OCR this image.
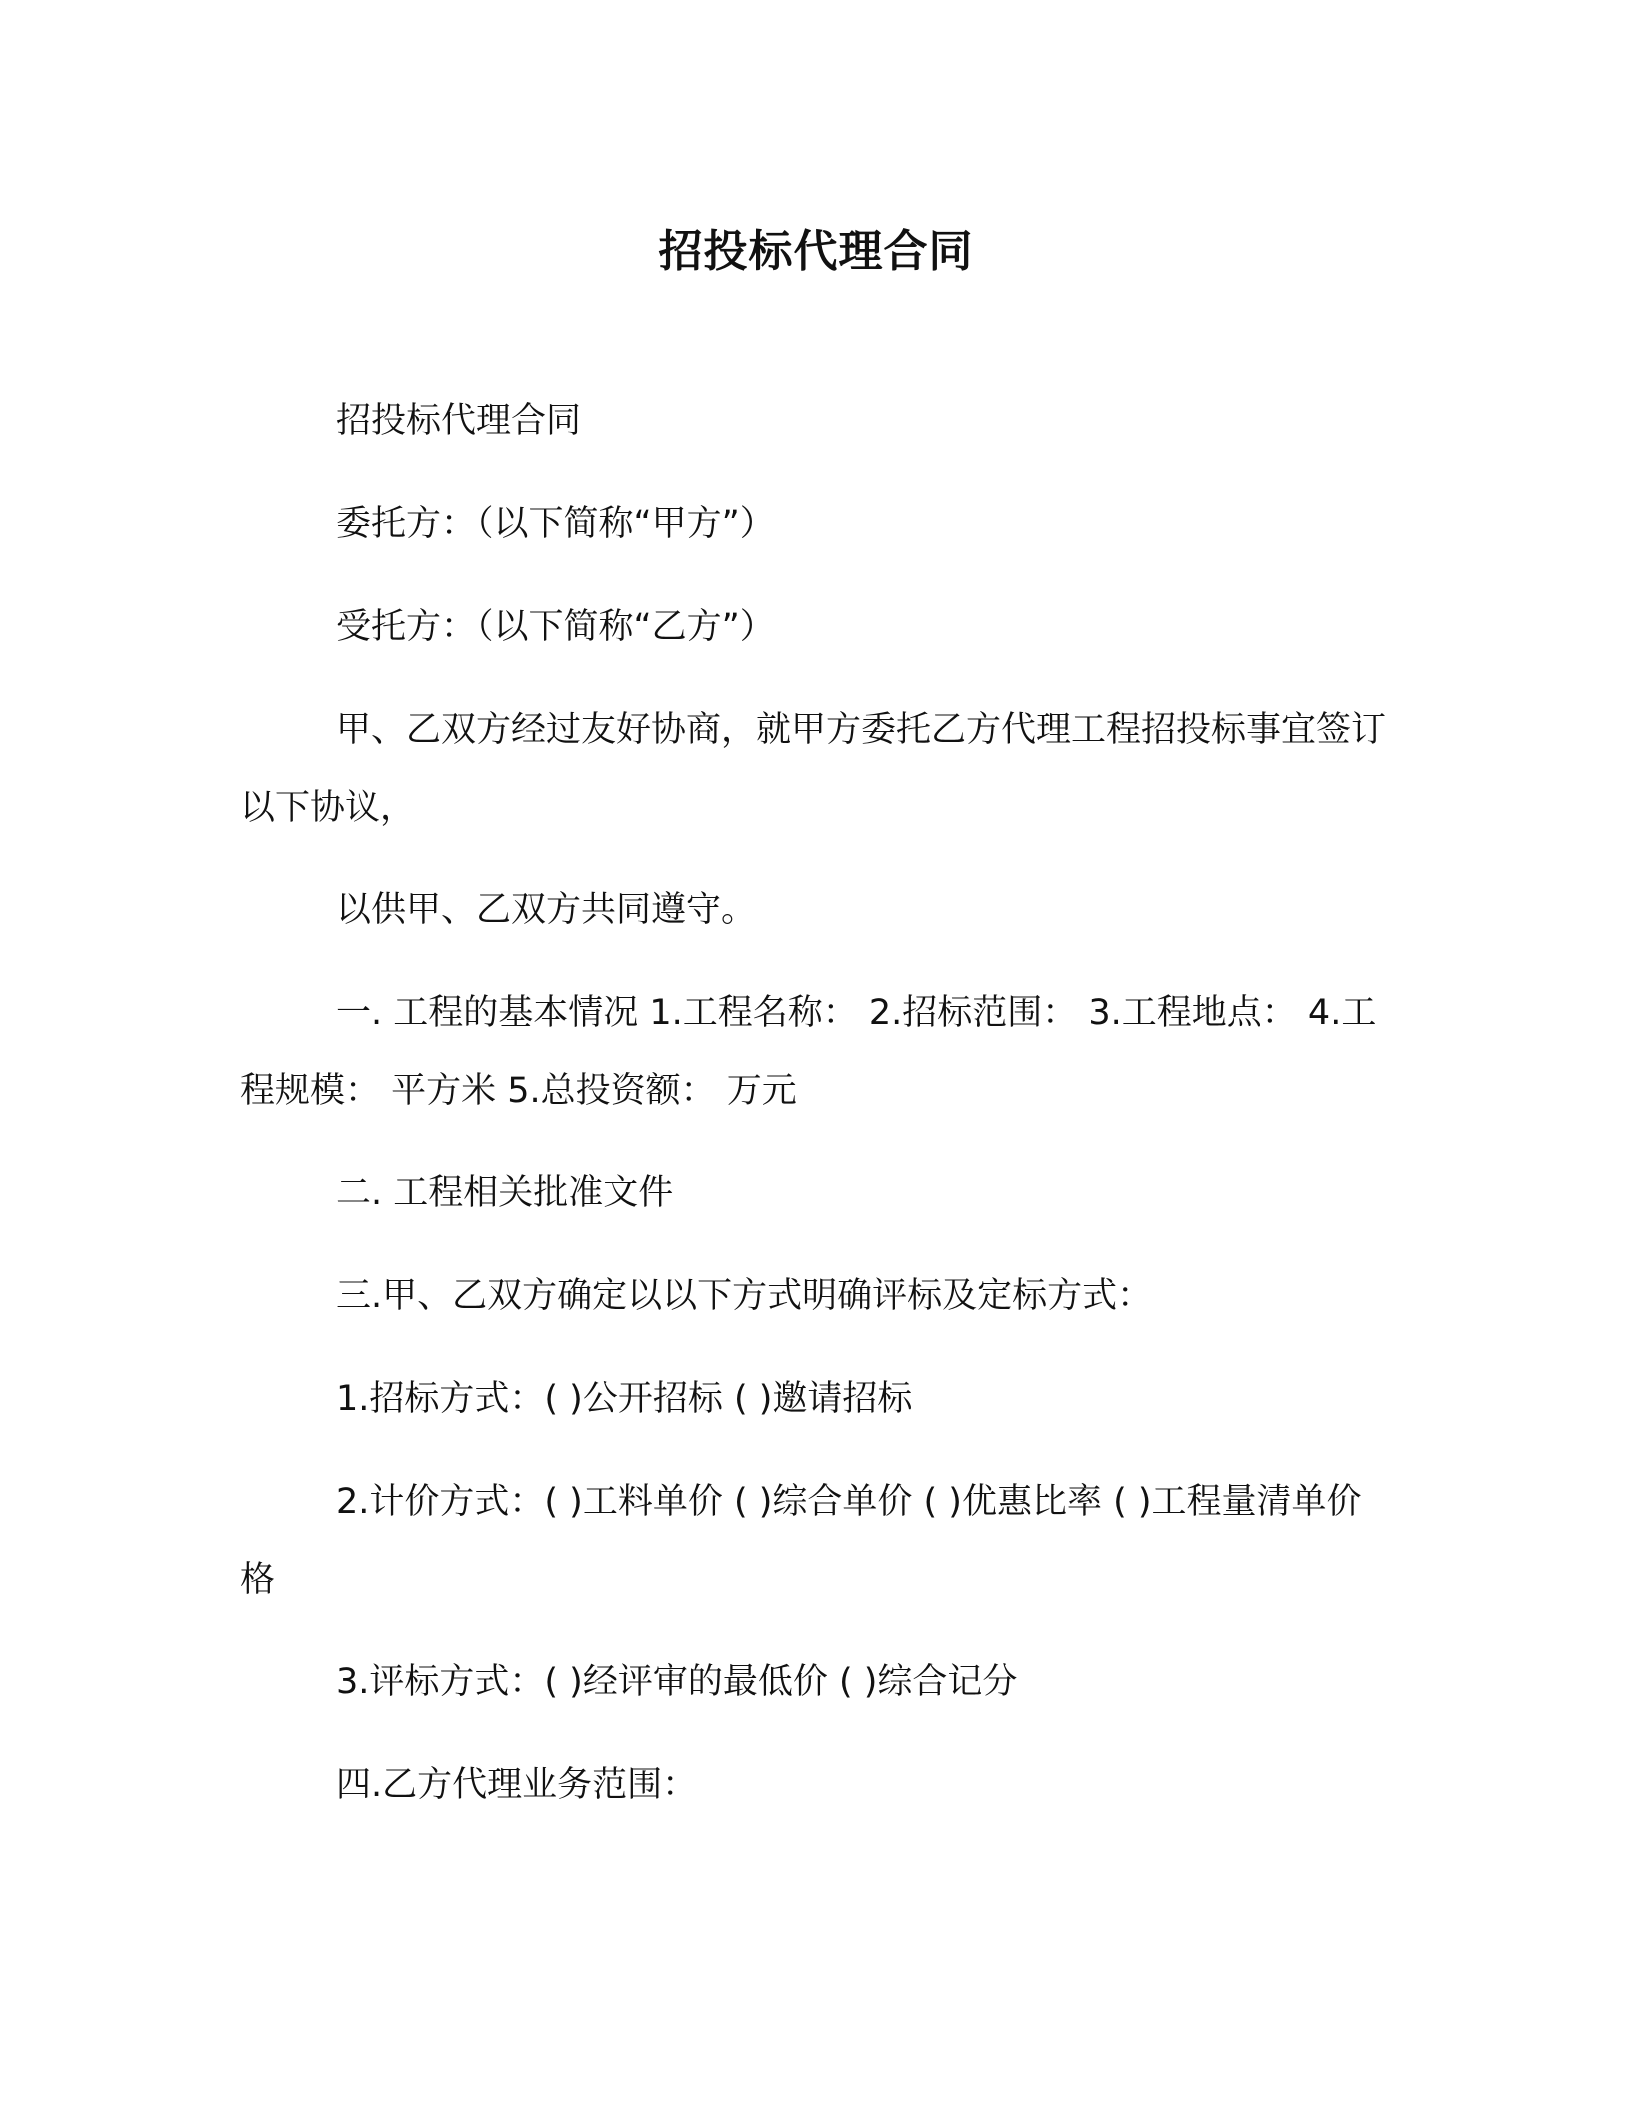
招投标代理合同

招投标代理合同

委托方：（以下简称“甲方”）

受托方：（以下简称“乙方”）

甲、乙双方经过友好协商，就甲方委托乙方代理工程招投标事宜签订以下协议，

以供甲、乙双方共同遵守。

一. 工程的基本情况 1.工程名称： 2.招标范围： 3.工程地点： 4.工程规模： 平方米 5.总投资额： 万元

二. 工程相关批准文件

三.甲、乙双方确定以以下方式明确评标及定标方式：

1.招标方式：( )公开招标 ( )邀请招标

2.计价方式：( )工料单价 ( )综合单价 ( )优惠比率 ( )工程量清单价格

3.评标方式：( )经评审的最低价 ( )综合记分

四.乙方代理业务范围：
